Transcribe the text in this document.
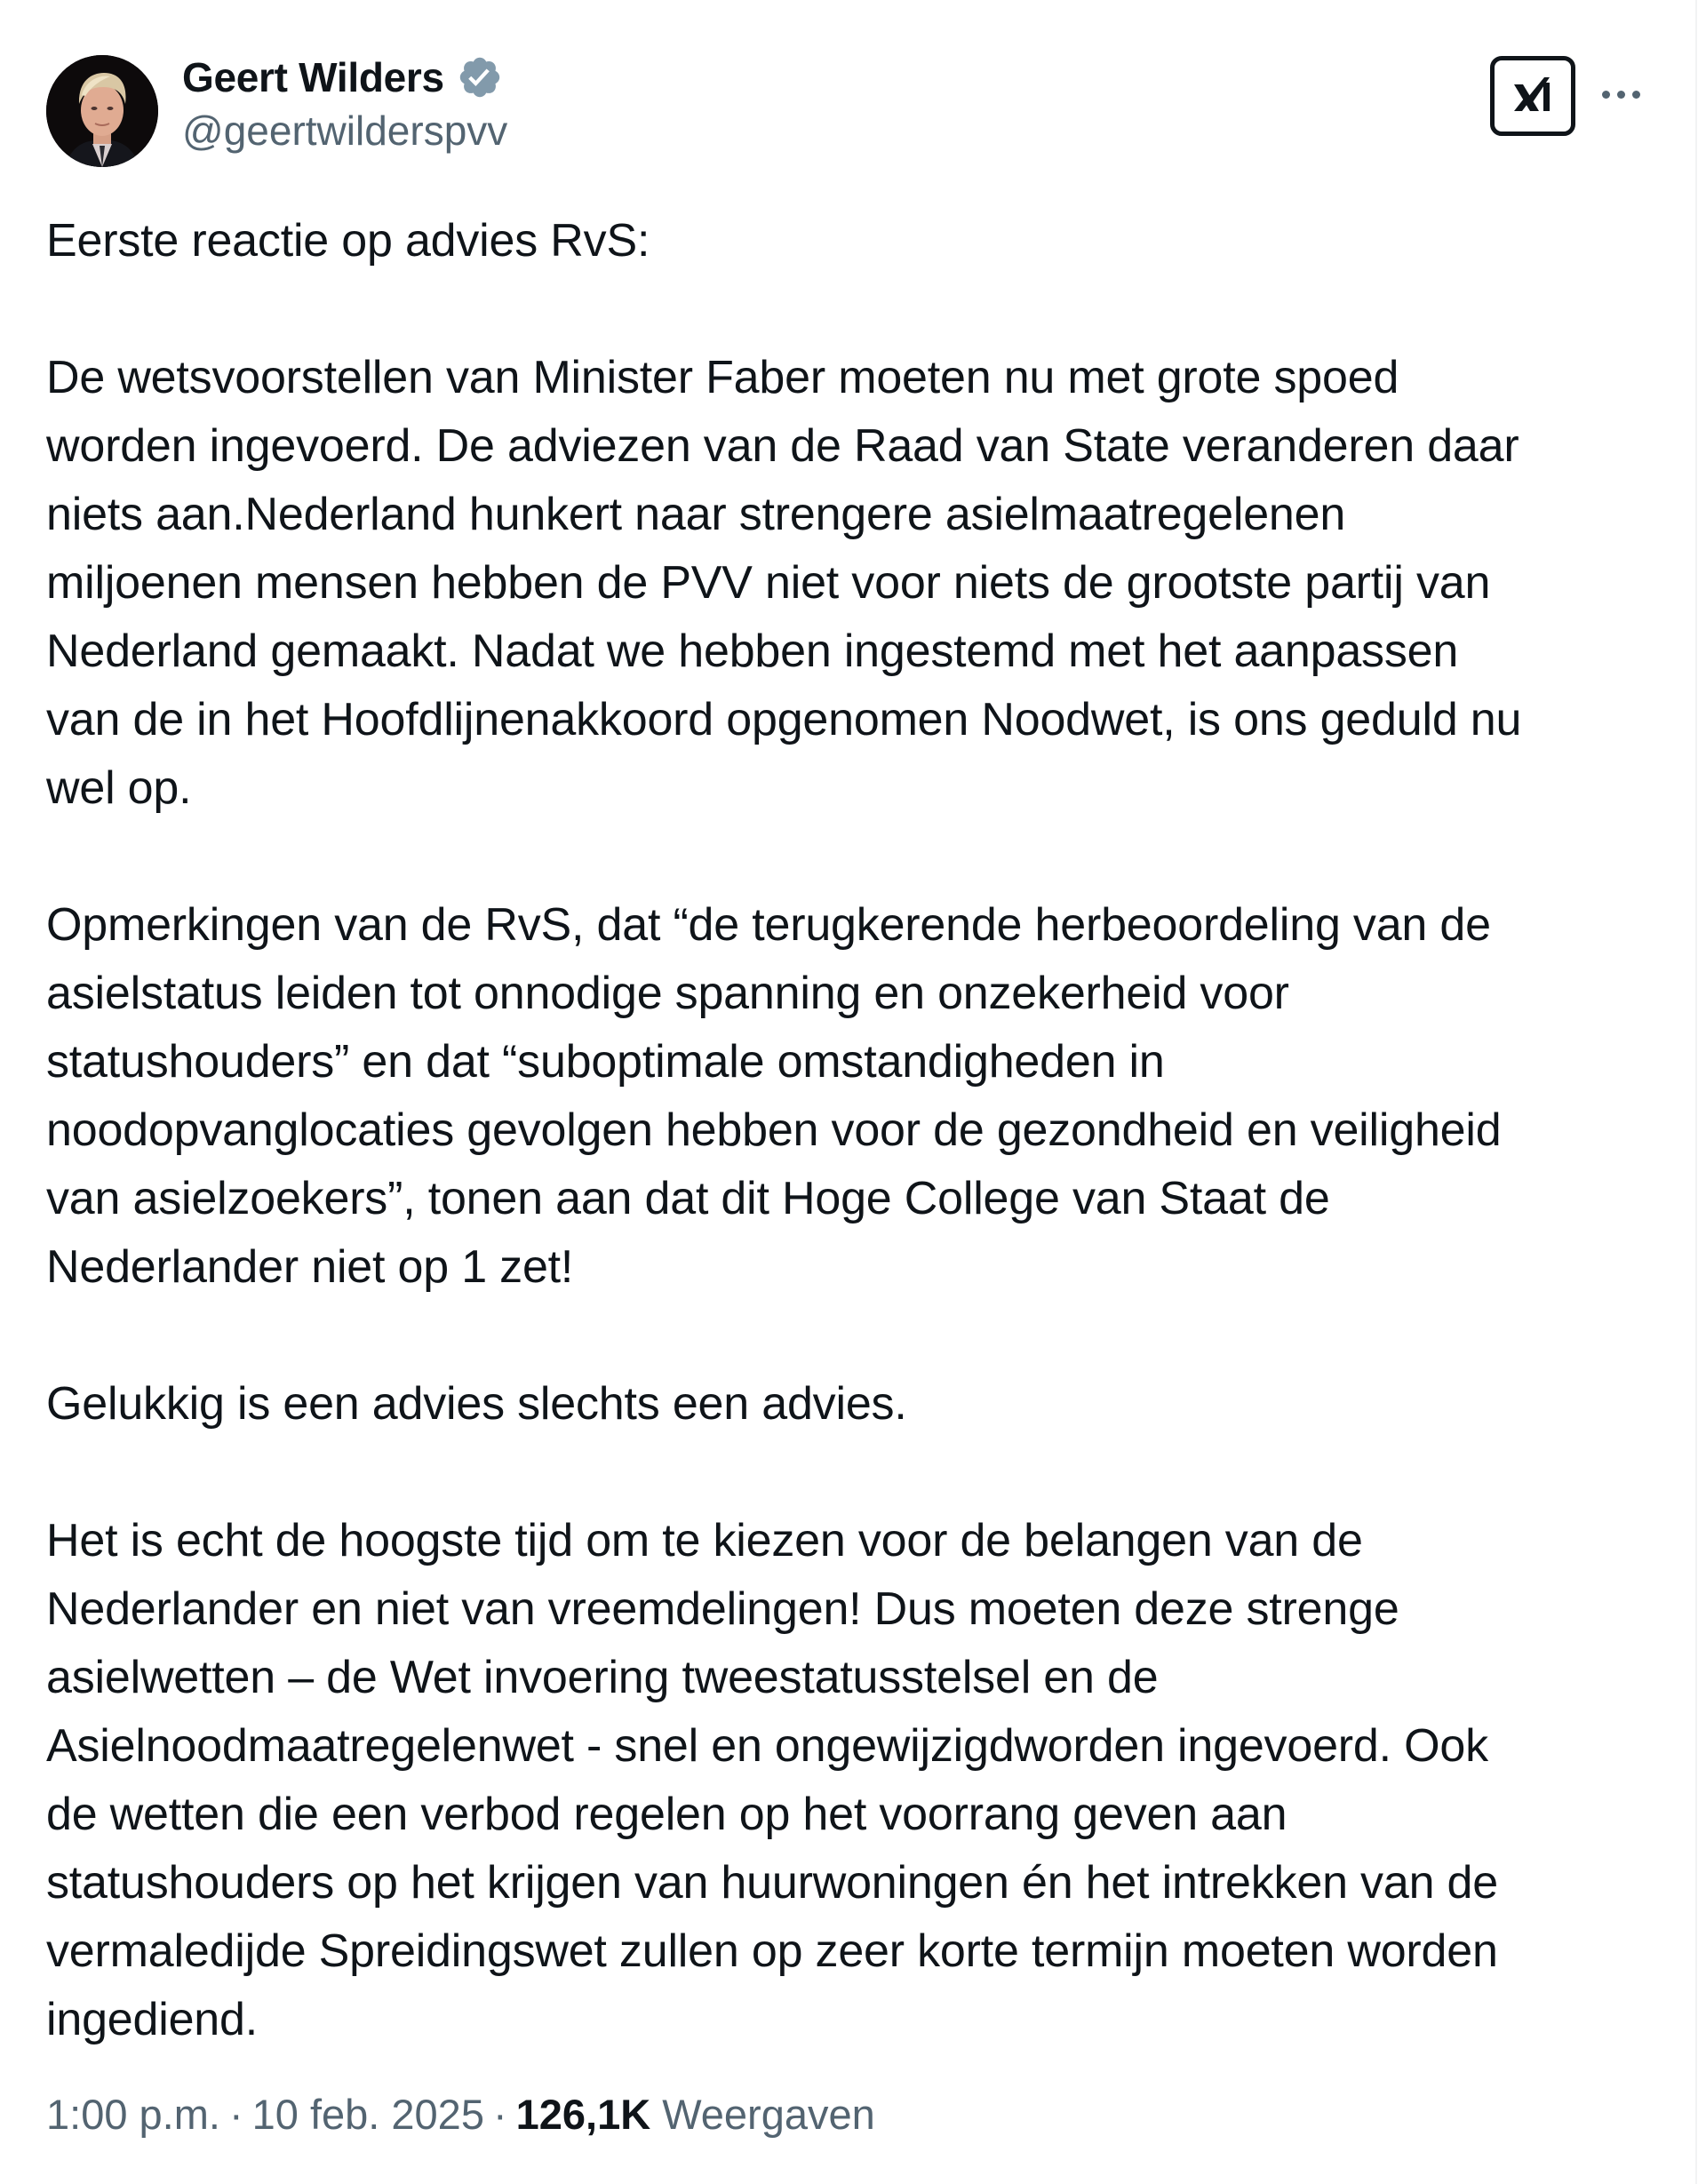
Geert Wilders
@geertwilderspvv
Eerste reactie op advies RvS:
De wetsvoorstellen van Minister Faber moeten nu met grote spoed
worden ingevoerd. De adviezen van de Raad van State veranderen daar
niets aan.Nederland hunkert naar strengere asielmaatregelenen
miljoenen mensen hebben de PVV niet voor niets de grootste partij van
Nederland gemaakt. Nadat we hebben ingestemd met het aanpassen
van de in het Hoofdlijnenakkoord opgenomen Noodwet, is ons geduld nu
wel op.
Opmerkingen van de RvS, dat “de terugkerende herbeoordeling van de
asielstatus leiden tot onnodige spanning en onzekerheid voor
statushouders” en dat “suboptimale omstandigheden in
noodopvanglocaties gevolgen hebben voor de gezondheid en veiligheid
van asielzoekers”, tonen aan dat dit Hoge College van Staat de
Nederlander niet op 1 zet!
Gelukkig is een advies slechts een advies.
Het is echt de hoogste tijd om te kiezen voor de belangen van de
Nederlander en niet van vreemdelingen! Dus moeten deze strenge
asielwetten – de Wet invoering tweestatusstelsel en de
Asielnoodmaatregelenwet - snel en ongewijzigdworden ingevoerd. Ook
de wetten die een verbod regelen op het voorrang geven aan
statushouders op het krijgen van huurwoningen én het intrekken van de
vermaledijde Spreidingswet zullen op zeer korte termijn moeten worden
ingediend.
1:00 p.m. · 10 feb. 2025 · 126,1K Weergaven
